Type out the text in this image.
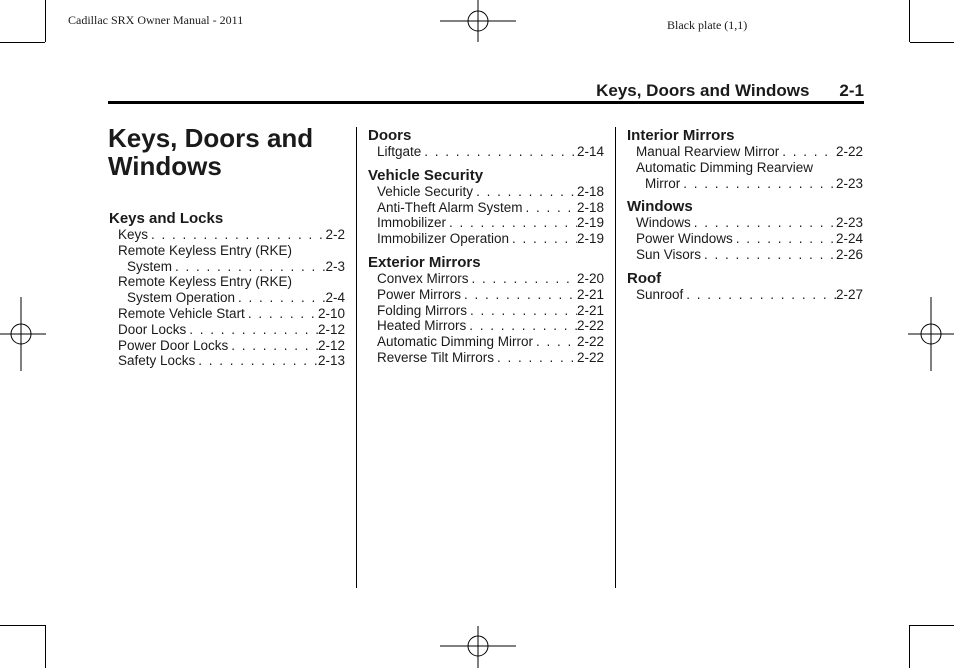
Cadillac SRX Owner Manual - 2011	Black plate (1,1)
Keys, Doors and Windows 2-1
Keys, Doors and Windows

Keys and Locks

Keys . . .	2-2
Remote Keyless Entry (RKE)
System . . .	2-3
Remote Keyless Entry (RKE)
System Operation . . .	2-4
Remote Vehicle Start . . .	2-10
Door Locks . . .	2-12
Power Door Locks . . .	2-12
Safety Locks . . .	2-13

Doors

Liftgate . . .	2-14

Vehicle Security

Vehicle Security . . .	2-18
Anti-Theft Alarm System . . .	2-18
Immobilizer . . .	2-19
Immobilizer Operation . . .	2-19

Exterior Mirrors

Convex Mirrors . . .	2-20
Power Mirrors . . .	2-21
Folding Mirrors . . .	2-21
Heated Mirrors . . .	2-22
Automatic Dimming Mirror . . .	2-22
Reverse Tilt Mirrors . . .	2-22

Interior Mirrors

Manual Rearview Mirror . . .	2-22
Automatic Dimming Rearview
Mirror . . .	2-23

Windows

Windows . . .	2-23
Power Windows . . .	2-24
Sun Visors . . .	2-26

Roof

Sunroof . . .	2-27
